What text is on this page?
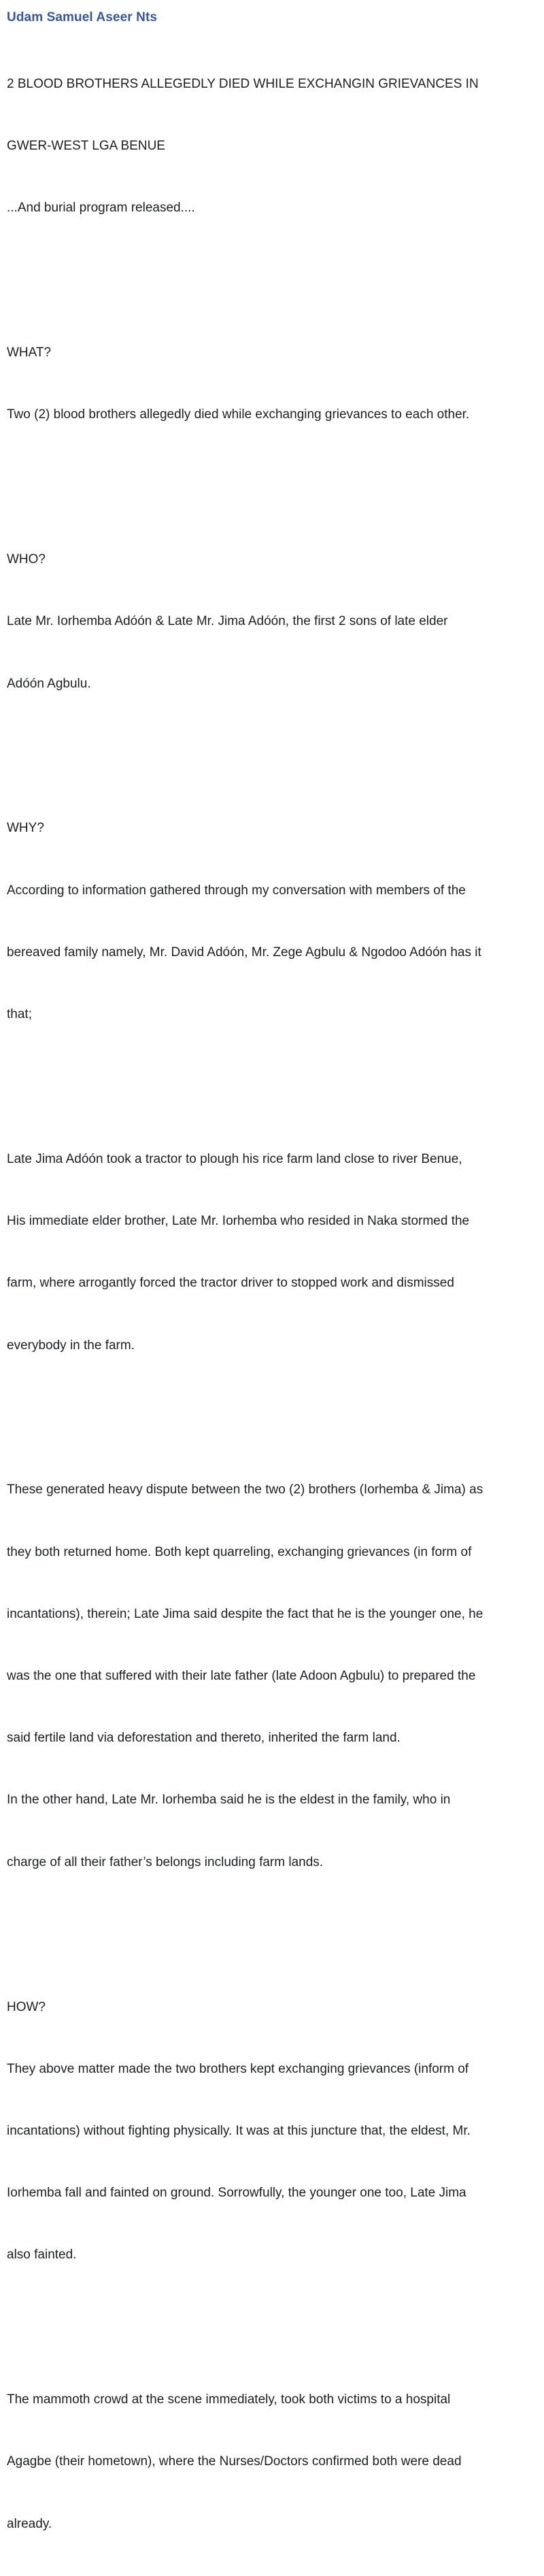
Udam Samuel Aseer Nts

2 BLOOD BROTHERS ALLEGEDLY DIED WHILE EXCHANGIN GRIEVANCES IN

GWER-WEST LGA BENUE

...And burial program released....

WHAT?

Two (2) blood brothers allegedly died while exchanging grievances to each other.

WHO?

Late Mr. Iorhemba Adóón & Late Mr. Jima Adóón, the first 2 sons of late elder

Adóón Agbulu.

WHY?

According to information gathered through my conversation with members of the

bereaved family namely, Mr. David Adóón, Mr. Zege Agbulu & Ngodoo Adóón has it

that;

Late Jima Adóón took a tractor to plough his rice farm land close to river Benue,

His immediate elder brother, Late Mr. Iorhemba who resided in Naka stormed the

farm, where arrogantly forced the tractor driver to stopped work and dismissed

everybody in the farm.

These generated heavy dispute between the two (2) brothers (Iorhemba & Jima) as

they both returned home. Both kept quarreling, exchanging grievances (in form of

incantations), therein; Late Jima said despite the fact that he is the younger one, he

was the one that suffered with their late father (late Adoon Agbulu) to prepared the

said fertile land via deforestation and thereto, inherited the farm land.

In the other hand, Late Mr. Iorhemba said he is the eldest in the family, who in

charge of all their father’s belongs including farm lands.

HOW?

They above matter made the two brothers kept exchanging grievances (inform of

incantations) without fighting physically. It was at this juncture that, the eldest, Mr.

Iorhemba fall and fainted on ground. Sorrowfully, the younger one too, Late Jima

also fainted.

The mammoth crowd at the scene immediately, took both victims to a hospital

Agagbe (their hometown), where the Nurses/Doctors confirmed both were dead

already.
